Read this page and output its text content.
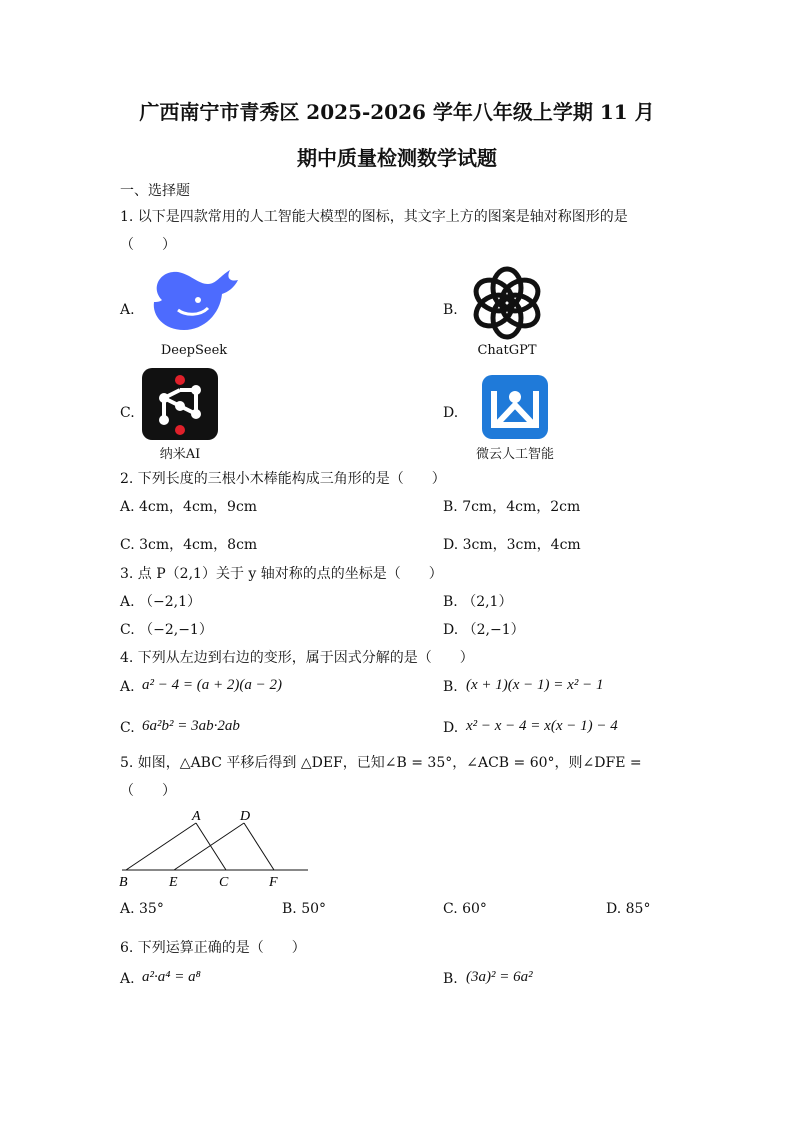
广西南宁市青秀区 2025-2026 学年八年级上学期 11 月
期中质量检测数学试题
一、选择题
1. 以下是四款常用的人工智能大模型的图标，其文字上方的图案是轴对称图形的是
（　　）
A.
DeepSeek
B.
ChatGPT
C.
纳米AI
D.
微云人工智能
2. 下列长度的三根小木棒能构成三角形的是（　　）
A. 4cm，4cm，9cm	B. 7cm，4cm，2cm
C. 3cm，4cm，8cm	D. 3cm，3cm，4cm
3. 点 P（2,1）关于 y 轴对称的点的坐标是（　　）
A. （−2,1）	B. （2,1）
C. （−2,−1）	D. （2,−1）
4. 下列从左边到右边的变形，属于因式分解的是（　　）
A. a² − 4 = (a + 2)(a − 2)	B. (x + 1)(x − 1) = x² − 1
C. 6a²b² = 3ab·2ab	D. x² − x − 4 = x(x − 1) − 4
5. 如图，△ABC 平移后得到 △DEF，已知∠B = 35°，∠ACB = 60°，则∠DFE =
（　　）
A	D
B	E	C	F
A. 35°	B. 50°	C. 60°	D. 85°
6. 下列运算正确的是（　　）
A. a²·a⁴ = a⁸	B. (3a)² = 6a²
